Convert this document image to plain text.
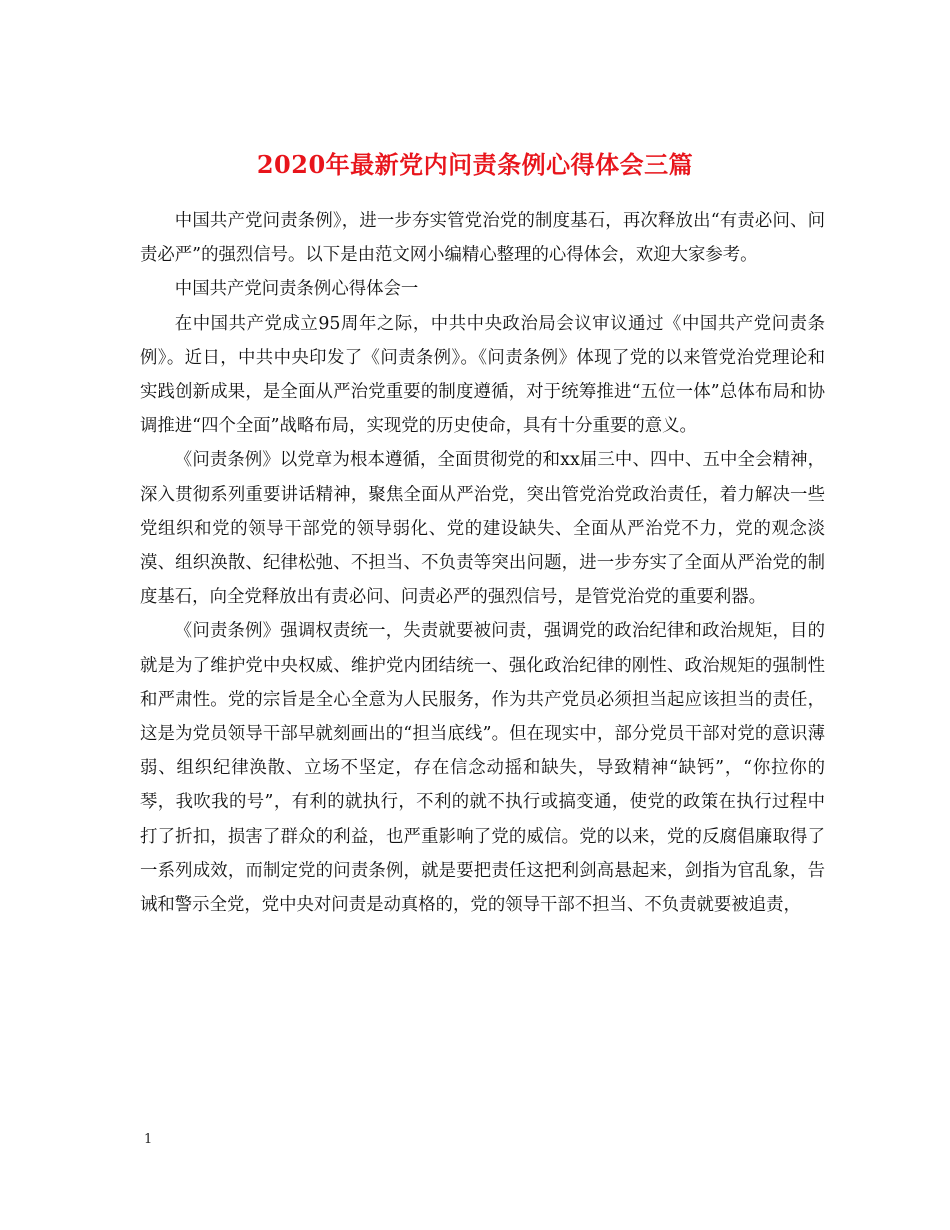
2020年最新党内问责条例心得体会三篇

中国共产党问责条例》，进一步夯实管党治党的制度基石，再次释放出“有责必问、问责必严”的强烈信号。以下是由范文网小编精心整理的心得体会，欢迎大家参考。

中国共产党问责条例心得体会一

在中国共产党成立95周年之际，中共中央政治局会议审议通过《中国共产党问责条例》。近日，中共中央印发了《问责条例》。《问责条例》体现了党的以来管党治党理论和实践创新成果，是全面从严治党重要的制度遵循，对于统筹推进“五位一体”总体布局和协调推进“四个全面”战略布局，实现党的历史使命，具有十分重要的意义。

《问责条例》以党章为根本遵循，全面贯彻党的和xx届三中、四中、五中全会精神，深入贯彻系列重要讲话精神，聚焦全面从严治党，突出管党治党政治责任，着力解决一些党组织和党的领导干部党的领导弱化、党的建设缺失、全面从严治党不力，党的观念淡漠、组织涣散、纪律松弛、不担当、不负责等突出问题，进一步夯实了全面从严治党的制度基石，向全党释放出有责必问、问责必严的强烈信号，是管党治党的重要利器。

《问责条例》强调权责统一，失责就要被问责，强调党的政治纪律和政治规矩，目的就是为了维护党中央权威、维护党内团结统一、强化政治纪律的刚性、政治规矩的强制性和严肃性。党的宗旨是全心全意为人民服务，作为共产党员必须担当起应该担当的责任，这是为党员领导干部早就刻画出的“担当底线”。但在现实中，部分党员干部对党的意识薄弱、组织纪律涣散、立场不坚定，存在信念动摇和缺失，导致精神“缺钙”，“你拉你的琴，我吹我的号”，有利的就执行，不利的就不执行或搞变通，使党的政策在执行过程中打了折扣，损害了群众的利益，也严重影响了党的威信。党的以来，党的反腐倡廉取得了一系列成效，而制定党的问责条例，就是要把责任这把利剑高悬起来，剑指为官乱象，告诫和警示全党，党中央对问责是动真格的，党的领导干部不担当、不负责就要被追责，

1
